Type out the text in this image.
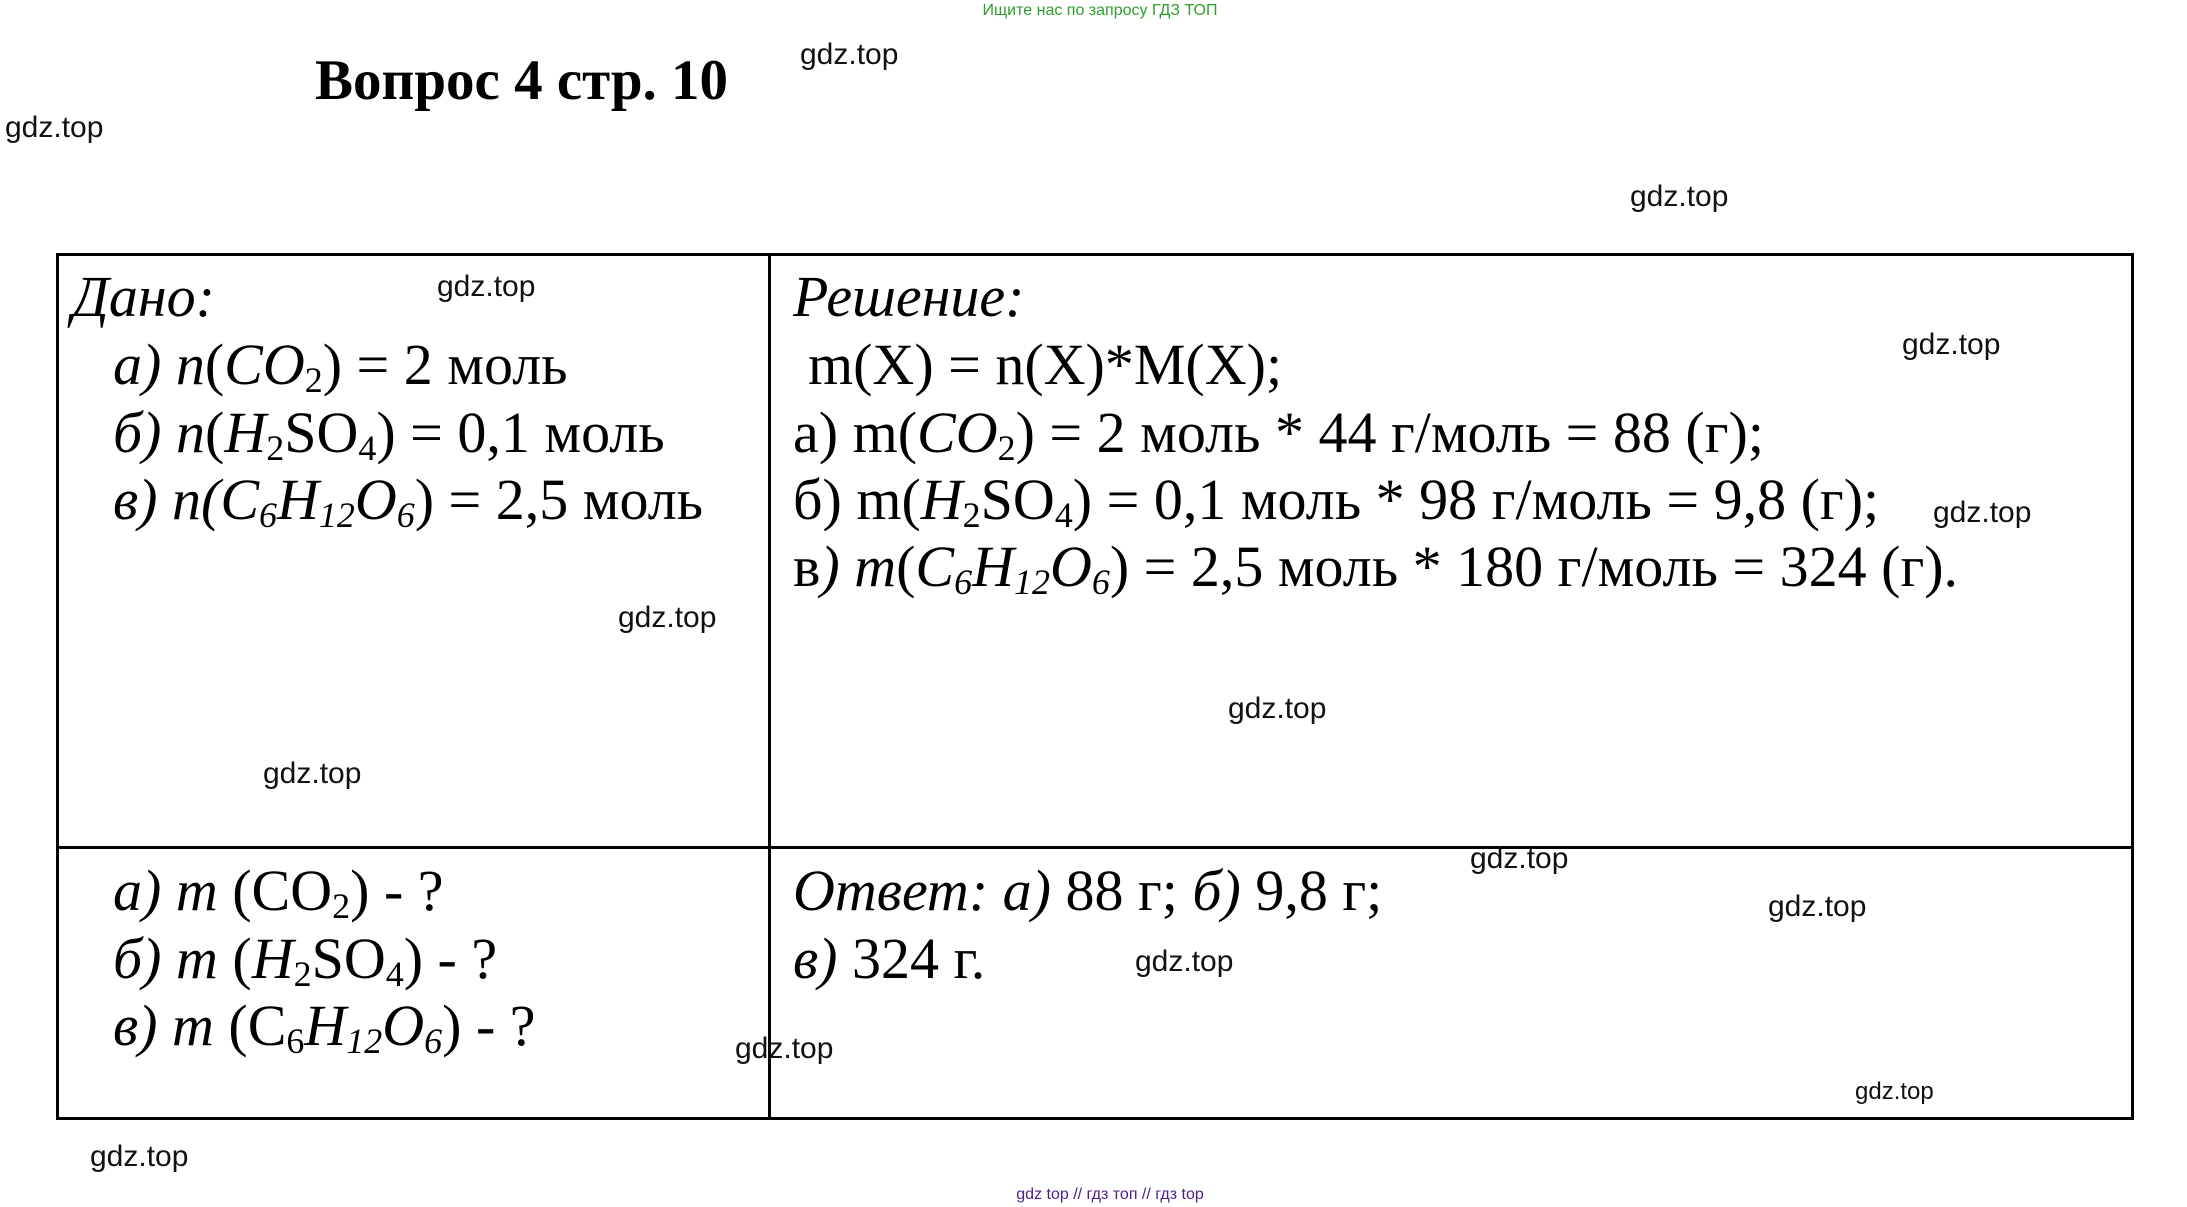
Ищите нас по запросу ГДЗ ТОП
Вопрос 4 стр. 10
Дано:
а) $n(CO_2) = 2$ моль
б) $n(H_2SO_4) = 0,1$ моль
в) $n(C_6H_{12}O_6) = 2,5$ моль
Решение:
m(X) = n(X)*M(X);
а) $m(CO_2) = 2$ моль * 44 г/моль = 88 (г);
б) $m(H_2SO_4) = 0,1$ моль * 98 г/моль = 9,8 (г);
в) $m(C_6H_{12}O_6) = 2,5$ моль * 180 г/моль = 324 (г).
а) m $(CO_2)$ - ?
б) m $(H_2SO_4)$ - ?
в) m $(C_6H_{12}O_6)$ - ?
Ответ: а) 88 г; б) 9,8 г;
в) 324 г.
gdz.top
gdz.top
gdz.top
gdz.top
gdz.top
gdz.top
gdz.top
gdz.top
gdz.top
gdz.top
gdz.top
gdz.top
gdz.top
gdz.top
gdz.top
gdz top // гдз топ // гдз top
